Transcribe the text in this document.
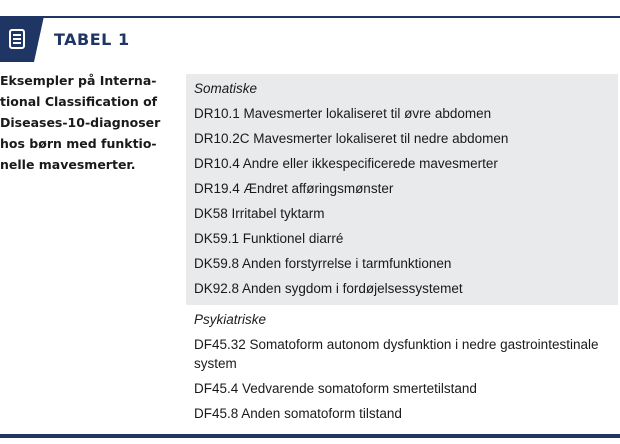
TABEL 1
Eksempler på Interna-
tional Classification of
Diseases-10-diagnoser
hos børn med funktio-
nelle mavesmerter.
Somatiske
DR10.1 Mavesmerter lokaliseret til øvre abdomen
DR10.2C Mavesmerter lokaliseret til nedre abdomen
DR10.4 Andre eller ikkespecificerede mavesmerter
DR19.4 Ændret afføringsmønster
DK58 Irritabel tyktarm
DK59.1 Funktionel diarré
DK59.8 Anden forstyrrelse i tarmfunktionen
DK92.8 Anden sygdom i fordøjelsessystemet
Psykiatriske
DF45.32 Somatoform autonom dysfunktion i nedre gastrointestinale system
DF45.4 Vedvarende somatoform smertetilstand
DF45.8 Anden somatoform tilstand
